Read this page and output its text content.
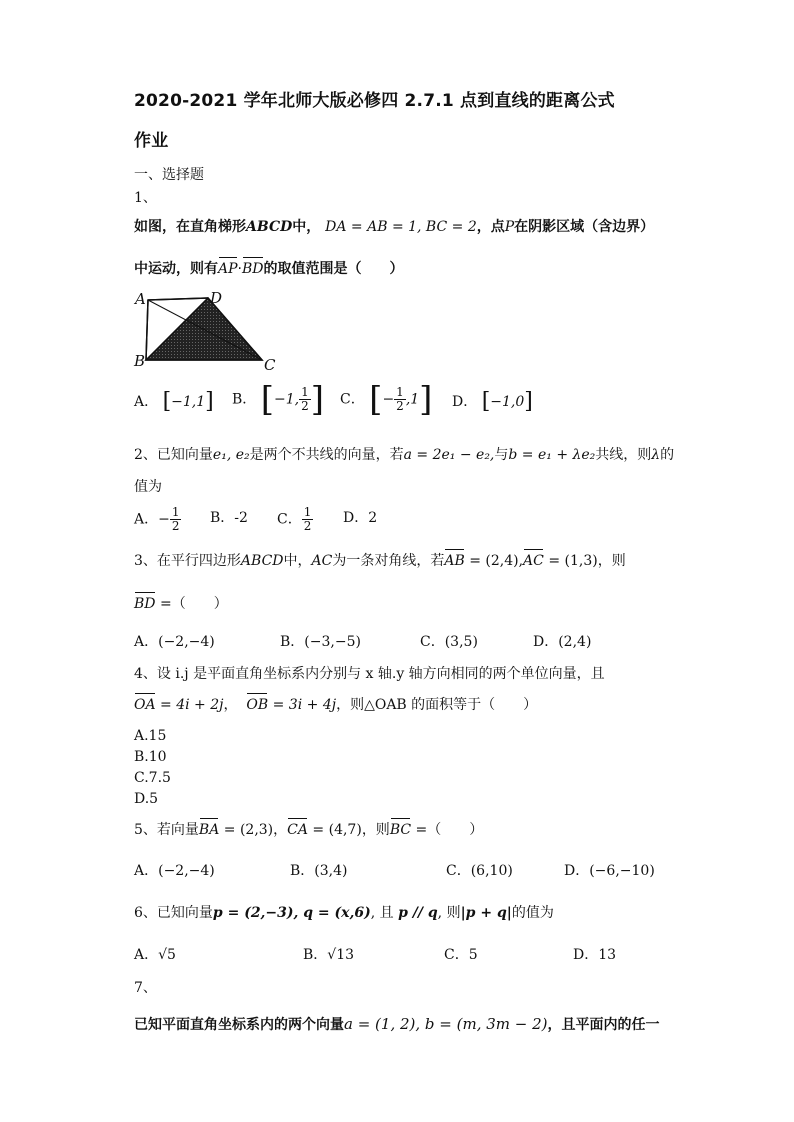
2020-2021 学年北师大版必修四 2.7.1 点到直线的距离公式
作业
一、选择题
1、
如图，在直角梯形ABCD中， DA = AB = 1, BC = 2，点P在阴影区域（含边界）
中运动，则有AP·BD的取值范围是（　　）
A	D
B	C
A． [−1,1] B． [−1, $\frac{1}{2}$ ] C． [− $\frac{1}{2} ,1$] D． [−1,0]
2、已知向量e₁, e₂是两个不共线的向量，若a = 2e₁ − e₂,与b = e₁ + λe₂共线，则λ的
值为
A．− $\frac{1}{2}$ B．-2 C． $\frac{1}{2}$ D．2
3、在平行四边形ABCD中，AC为一条对角线，若AB = (2,4),AC = (1,3)，则
BD =（　　）
A．(−2,−4)	B．(−3,−5)	C．(3,5)	D．(2,4)
4、设 i.j 是平面直角坐标系内分别与 x 轴.y 轴方向相同的两个单位向量，且
OA = 4i + 2j， OB = 3i + 4j，则△OAB 的面积等于（　　）
A.15
B.10
C.7.5
D.5
5、若向量BA = (2,3)，CA = (4,7)，则BC =（　　）
A．(−2,−4)	B．(3,4)	C．(6,10)	D．(−6,−10)
6、已知向量p = (2,−3), q = (x,6), 且 p // q, 则|p + q|的值为
A．√5	B．√13	C．5	D．13
7、
已知平面直角坐标系内的两个向量a = (1, 2), b = (m, 3m − 2)，且平面内的任一
